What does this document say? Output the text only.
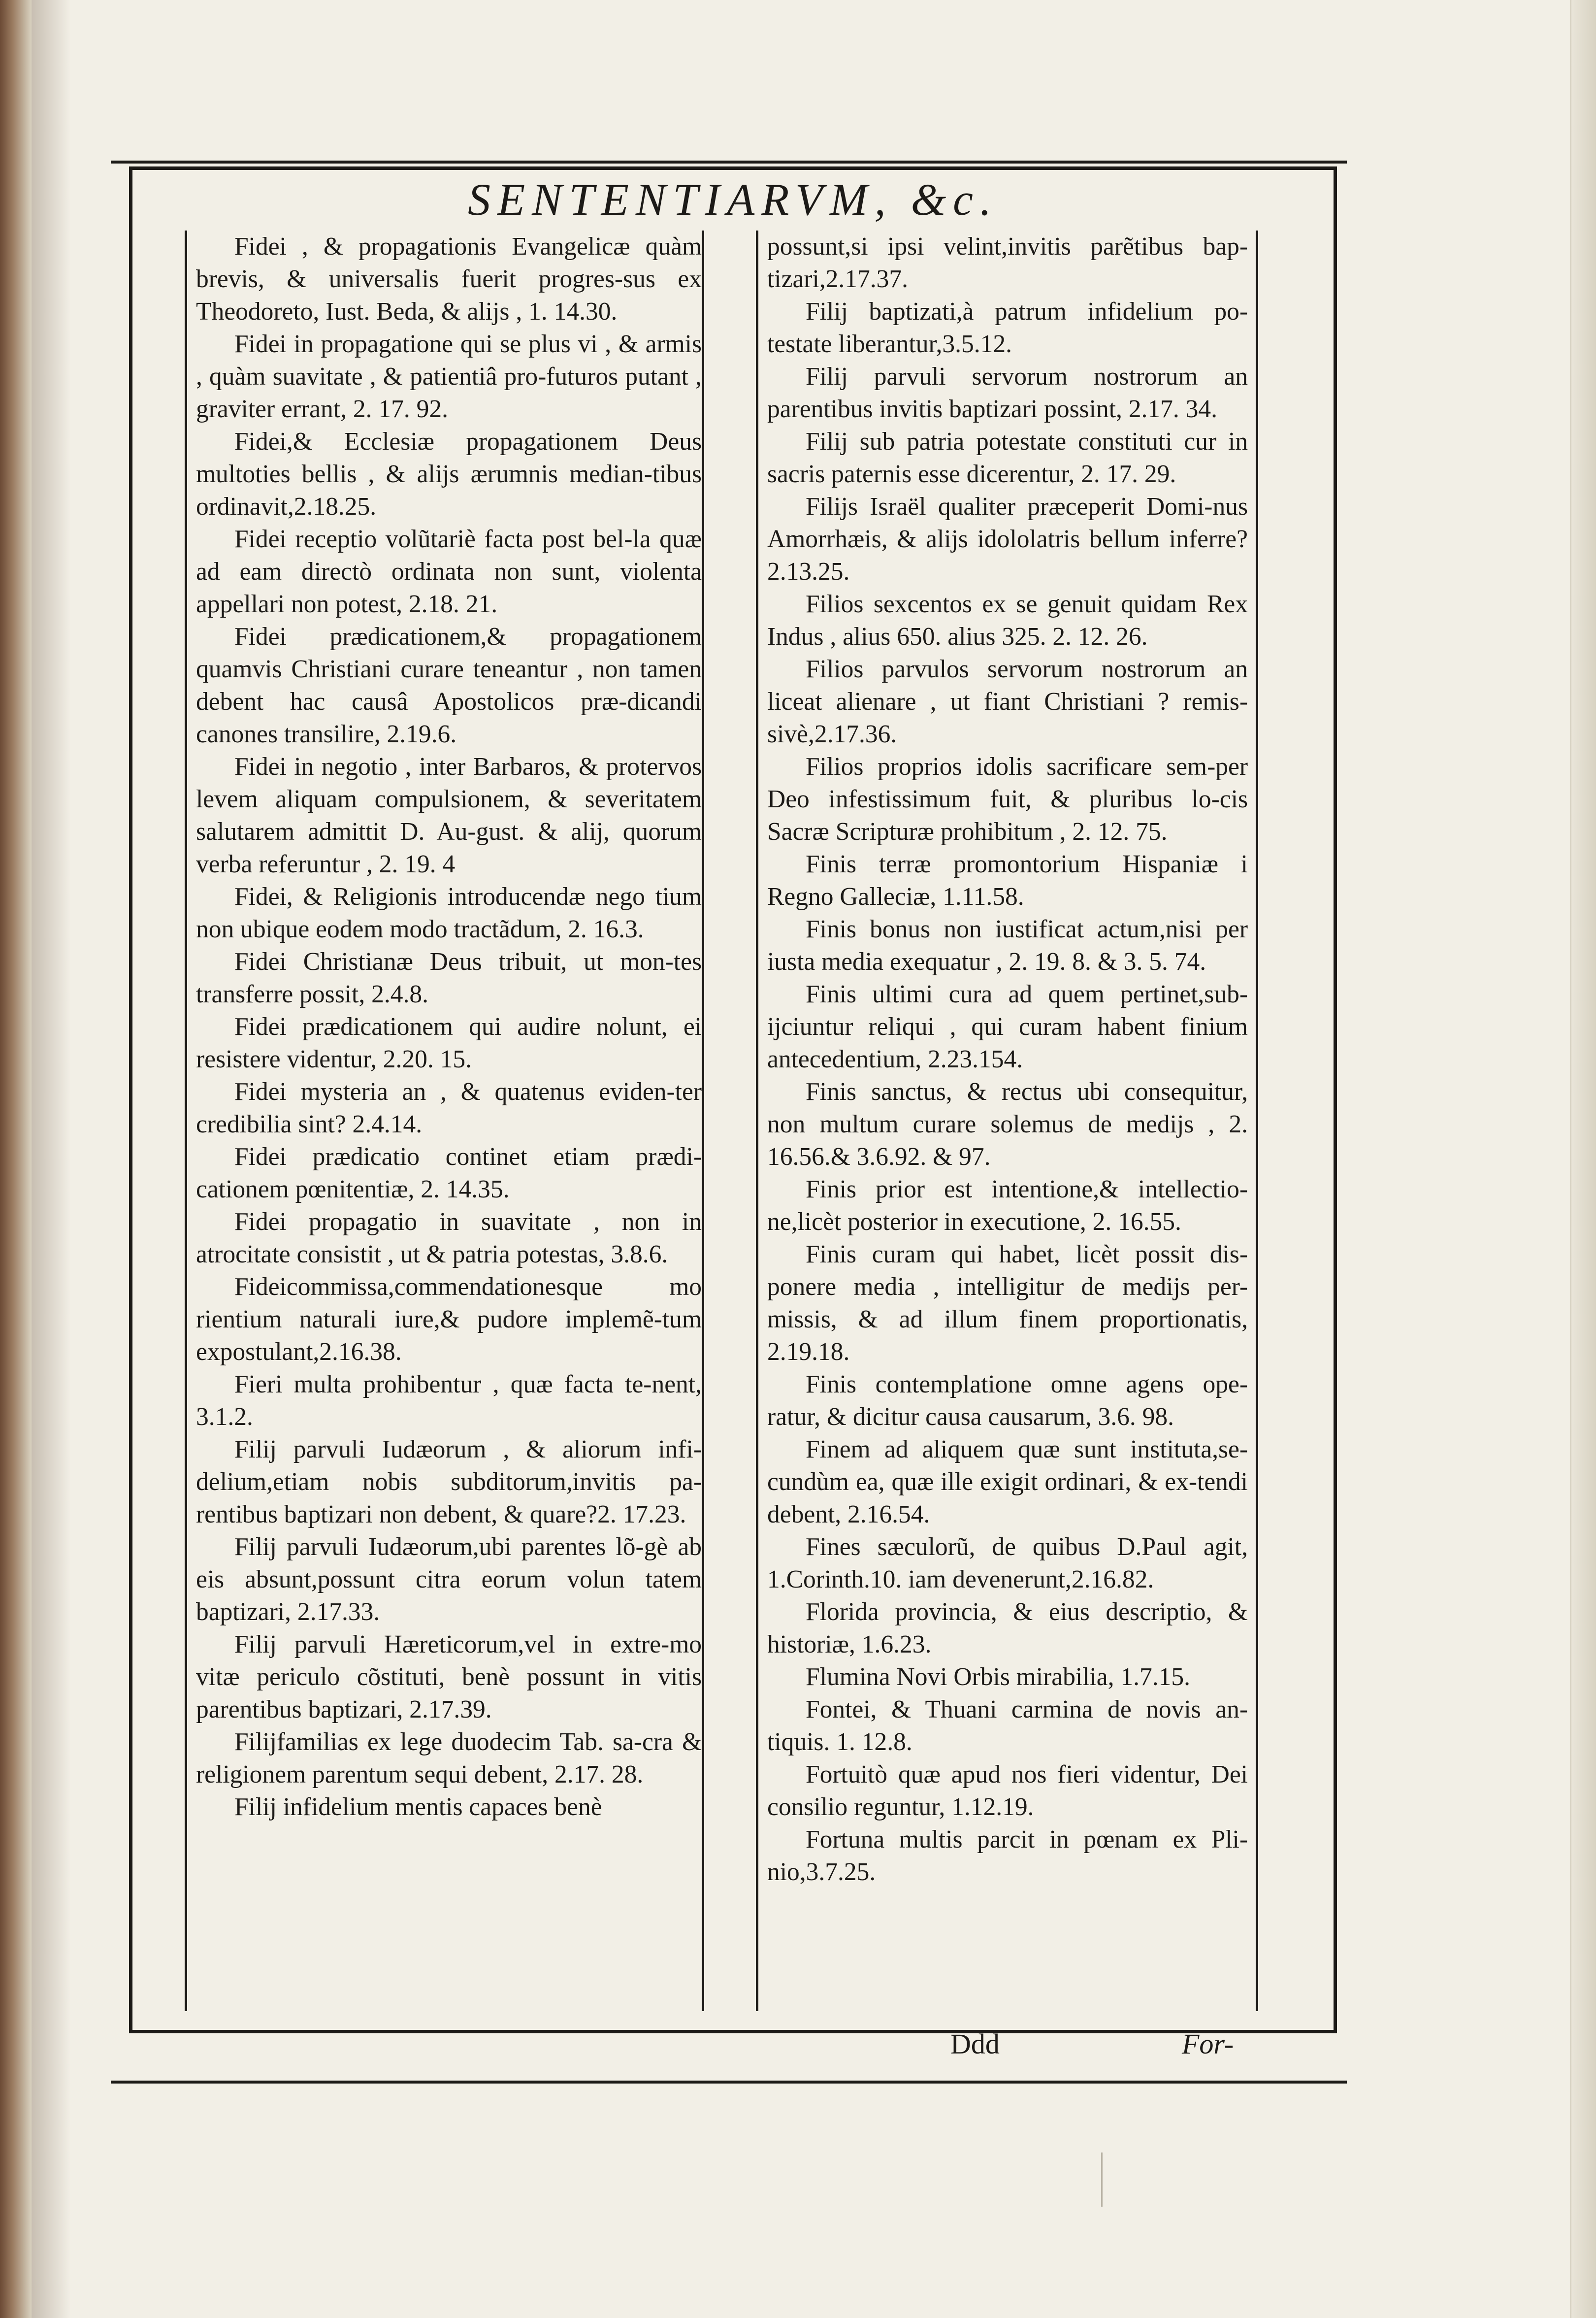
SENTENTIARVM, &c.

Fidei , & propagationis Evangelicæ quàm brevis, & universalis fuerit progres-sus ex Theodoreto, Iust. Beda, & alijs , 1. 14.30.

Fidei in propagatione qui se plus vi , & armis , quàm suavitate , & patientiâ pro-futuros putant , graviter errant, 2. 17. 92.

Fidei,& Ecclesiæ propagationem Deus multoties bellis , & alijs ærumnis median-tibus ordinavit,2.18.25.

Fidei receptio volũtariè facta post bel-la quæ ad eam directò ordinata non sunt, violenta appellari non potest, 2.18. 21.

Fidei prædicationem,& propagationem quamvis Christiani curare teneantur , non tamen debent hac causâ Apostolicos præ-dicandi canones transilire, 2.19.6.

Fidei in negotio , inter Barbaros, & protervos levem aliquam compulsionem, & severitatem salutarem admittit D. Au-gust. & alij, quorum verba referuntur , 2. 19. 4

Fidei, & Religionis introducendæ nego tium non ubique eodem modo tractãdum, 2. 16.3.

Fidei Christianæ Deus tribuit, ut mon-tes transferre possit, 2.4.8.

Fidei prædicationem qui audire nolunt, ei resistere videntur, 2.20. 15.

Fidei mysteria an , & quatenus eviden-ter credibilia sint? 2.4.14.

Fidei prædicatio continet etiam prædi-cationem pœnitentiæ, 2. 14.35.

Fidei propagatio in suavitate , non in atrocitate consistit , ut & patria potestas, 3.8.6.

Fideicommissa,commendationesque mo rientium naturali iure,& pudore implemẽ-tum expostulant,2.16.38.

Fieri multa prohibentur , quæ facta te-nent, 3.1.2.

Filij parvuli Iudæorum , & aliorum infi-delium,etiam nobis subditorum,invitis pa-rentibus baptizari non debent, & quare?2. 17.23.

Filij parvuli Iudæorum,ubi parentes lõ-gè ab eis absunt,possunt citra eorum volun tatem baptizari, 2.17.33.

Filij parvuli Hæreticorum,vel in extre-mo vitæ periculo cõstituti, benè possunt in vitis parentibus baptizari, 2.17.39.

Filijfamilias ex lege duodecim Tab. sa-cra & religionem parentum sequi debent, 2.17. 28.

Filij infidelium mentis capaces benè

possunt,si ipsi velint,invitis parẽtibus bap-tizari,2.17.37.

Filij baptizati,à patrum infidelium po-testate liberantur,3.5.12.

Filij parvuli servorum nostrorum an parentibus invitis baptizari possint, 2.17. 34.

Filij sub patria potestate constituti cur in sacris paternis esse dicerentur, 2. 17. 29.

Filijs Israël qualiter præceperit Domi-nus Amorrhæis, & alijs idololatris bellum inferre? 2.13.25.

Filios sexcentos ex se genuit quidam Rex Indus , alius 650. alius 325. 2. 12. 26.

Filios parvulos servorum nostrorum an liceat alienare , ut fiant Christiani ? remis-sivè,2.17.36.

Filios proprios idolis sacrificare sem-per Deo infestissimum fuit, & pluribus lo-cis Sacræ Scripturæ prohibitum , 2. 12. 75.

Finis terræ promontorium Hispaniæ i Regno Galleciæ, 1.11.58.

Finis bonus non iustificat actum,nisi per iusta media exequatur , 2. 19. 8. & 3. 5. 74.

Finis ultimi cura ad quem pertinet,sub-ijciuntur reliqui , qui curam habent finium antecedentium, 2.23.154.

Finis sanctus, & rectus ubi consequitur, non multum curare solemus de medijs , 2. 16.56.& 3.6.92. & 97.

Finis prior est intentione,& intellectio-ne,licèt posterior in executione, 2. 16.55.

Finis curam qui habet, licèt possit dis-ponere media , intelligitur de medijs per-missis, & ad illum finem proportionatis, 2.19.18.

Finis contemplatione omne agens ope-ratur, & dicitur causa causarum, 3.6. 98.

Finem ad aliquem quæ sunt instituta,se-cundùm ea, quæ ille exigit ordinari, & ex-tendi debent, 2.16.54.

Fines sæculorũ, de quibus D.Paul agit, 1.Corinth.10. iam devenerunt,2.16.82.

Florida provincia, & eius descriptio, & historiæ, 1.6.23.

Flumina Novi Orbis mirabilia, 1.7.15.

Fontei, & Thuani carmina de novis an-tiquis. 1. 12.8.

Fortuitò quæ apud nos fieri videntur, Dei consilio reguntur, 1.12.19.

Fortuna multis parcit in pœnam ex Pli-nio,3.7.25.

Ddd	For-
